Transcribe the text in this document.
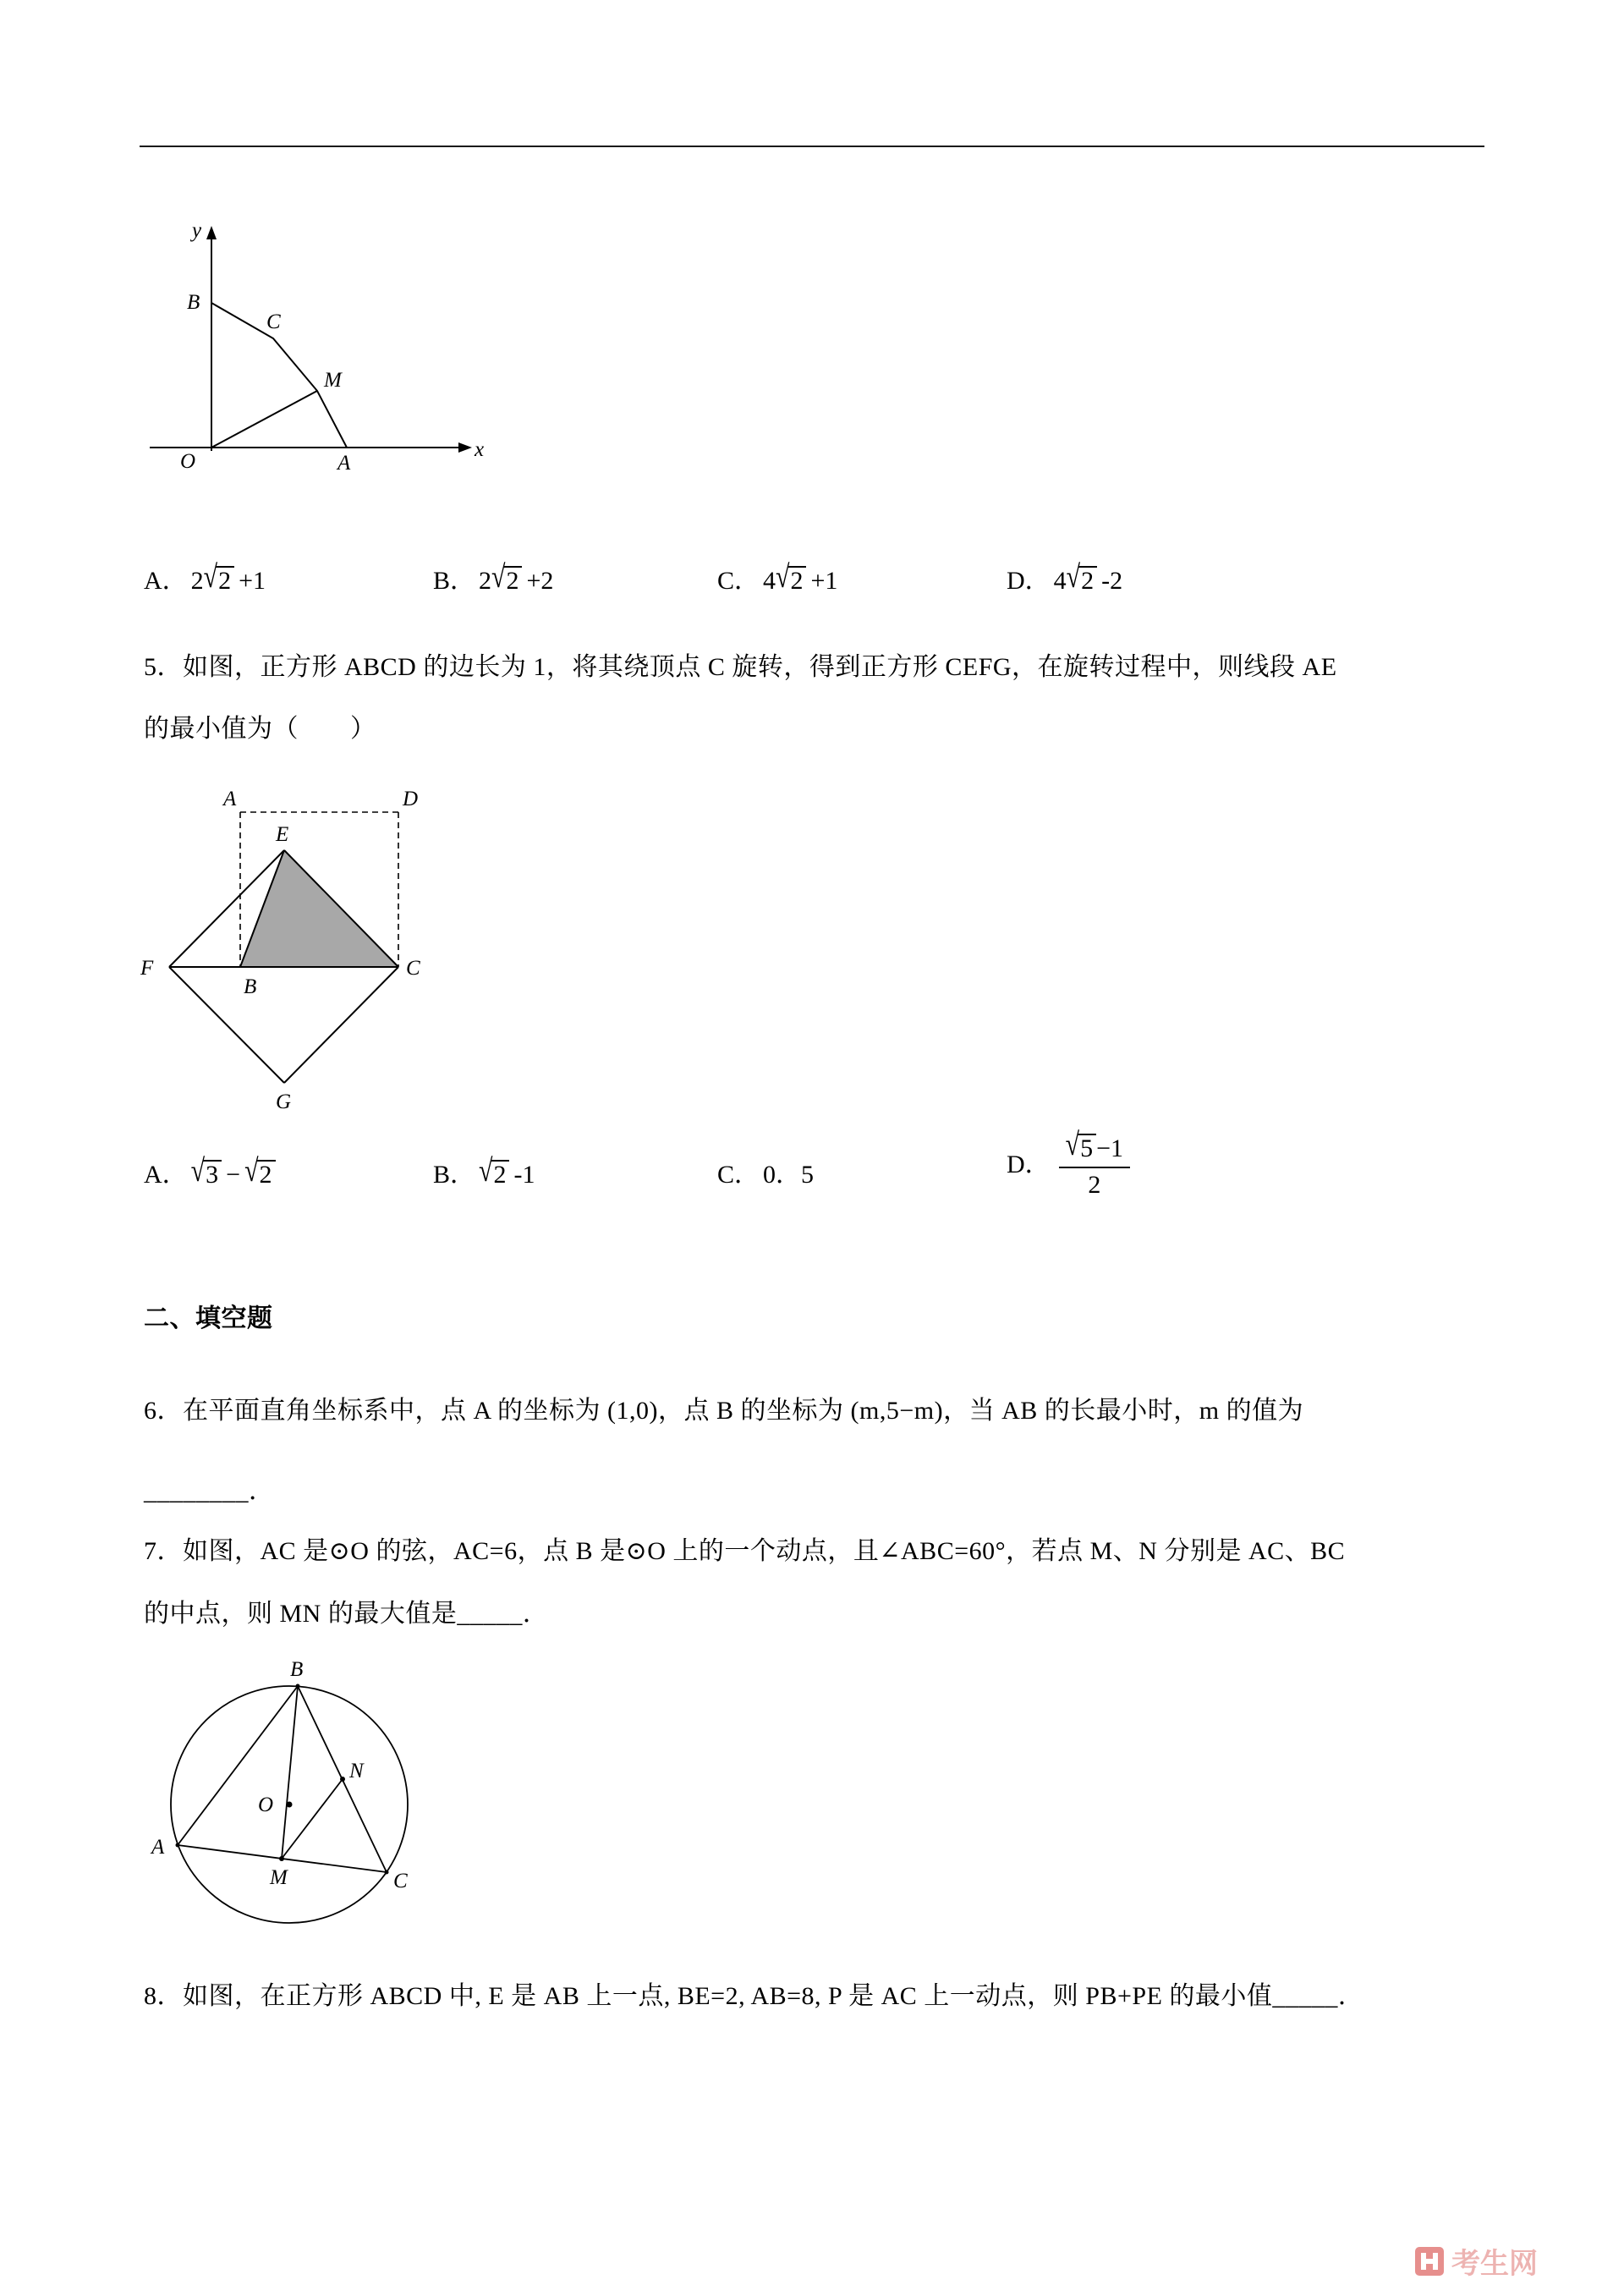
y
x
O
B
C
M
A
A． 2√2 +1	B． 2√2 +2	C． 4√2 +1	D． 4√2 -2
5．如图，正方形 ABCD 的边长为 1，将其绕顶点 C 旋转，得到正方形 CEFG，在旋转过程中，则线段 AE
的最小值为（　　）
A	D
E
F
B
C
G
A． √3 − √2	B． √2 -1	C． 0．5	D． $\frac{√5 -1}{2}$
二、填空题
6．在平面直角坐标系中，点 A 的坐标为 (1,0)，点 B 的坐标为 (m,5−m)，当 AB 的长最小时，m 的值为
________．
7．如图，AC 是⊙O 的弦，AC=6，点 B 是⊙O 上的一个动点，且∠ABC=60°，若点 M、N 分别是 AC、BC
的中点，则 MN 的最大值是_____．
B
A
C
M
N
O
8．如图，在正方形 ABCD 中, E 是 AB 上一点, BE=2, AB=8, P 是 AC 上一动点，则 PB+PE 的最小值_____．
考生网
